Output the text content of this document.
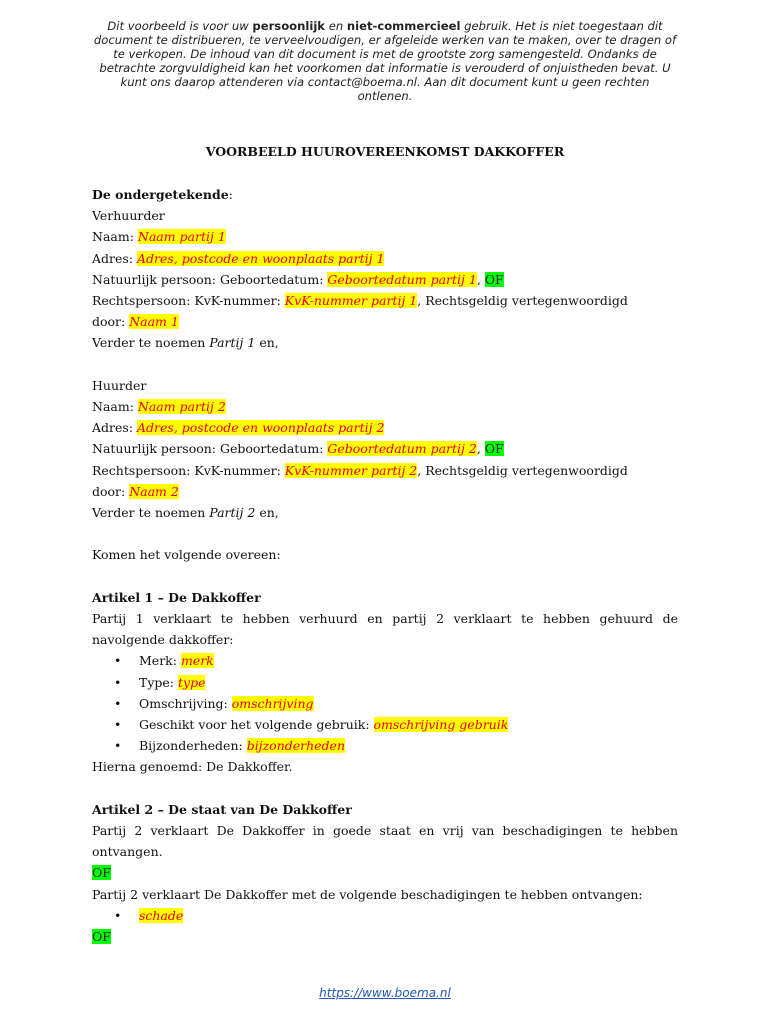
Dit voorbeeld is voor uw persoonlijk en niet-commercieel gebruik. Het is niet toegestaan dit document te distribueren, te verveelvoudigen, er afgeleide werken van te maken, over te dragen of te verkopen. De inhoud van dit document is met de grootste zorg samengesteld. Ondanks de betrachte zorgvuldigheid kan het voorkomen dat informatie is verouderd of onjuistheden bevat. U kunt ons daarop attenderen via contact@boema.nl. Aan dit document kunt u geen rechten ontlenen.
VOORBEELD HUUROVEREENKOMST DAKKOFFER
De ondergetekende:
Verhuurder
Naam: Naam partij 1
Adres: Adres, postcode en woonplaats partij 1
Natuurlijk persoon: Geboortedatum: Geboortedatum partij 1, OF
Rechtspersoon: KvK-nummer: KvK-nummer partij 1, Rechtsgeldig vertegenwoordigd
door: Naam 1
Verder te noemen Partij 1 en,
Huurder
Naam: Naam partij 2
Adres: Adres, postcode en woonplaats partij 2
Natuurlijk persoon: Geboortedatum: Geboortedatum partij 2, OF
Rechtspersoon: KvK-nummer: KvK-nummer partij 2, Rechtsgeldig vertegenwoordigd
door: Naam 2
Verder te noemen Partij 2 en,
Komen het volgende overeen:
Artikel 1 – De Dakkoffer
Partij 1 verklaart te hebben verhuurd en partij 2 verklaart te hebben gehuurd de navolgende dakkoffer:
• Merk: merk
• Type: type
• Omschrijving: omschrijving
• Geschikt voor het volgende gebruik: omschrijving gebruik
• Bijzonderheden: bijzonderheden
Hierna genoemd: De Dakkoffer.
Artikel 2 – De staat van De Dakkoffer
Partij 2 verklaart De Dakkoffer in goede staat en vrij van beschadigingen te hebben ontvangen.
OF
Partij 2 verklaart De Dakkoffer met de volgende beschadigingen te hebben ontvangen:
• schade
OF
https://www.boema.nl
